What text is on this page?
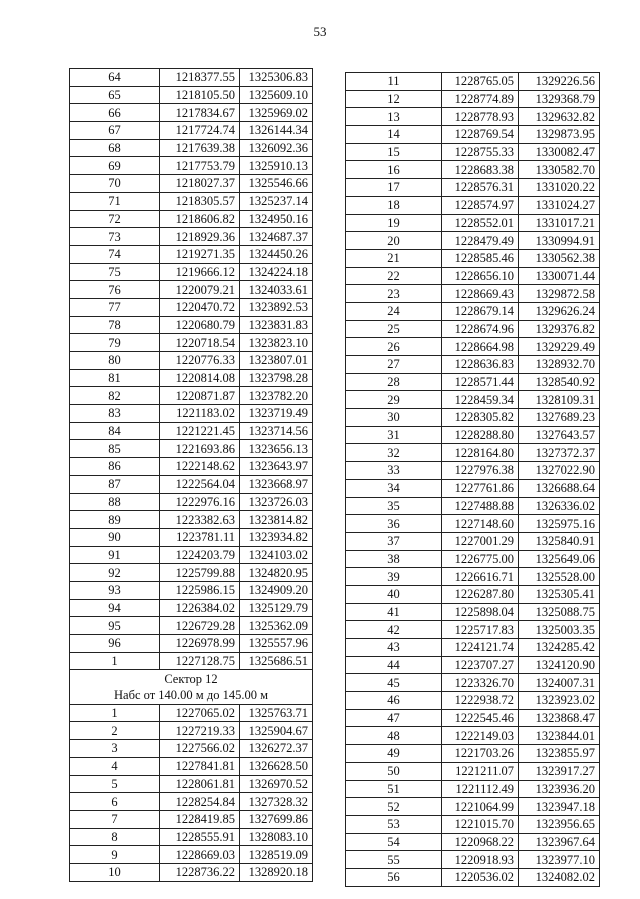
53
64	1218377.55	1325306.83
65	1218105.50	1325609.10
66	1217834.67	1325969.02
67	1217724.74	1326144.34
68	1217639.38	1326092.36
69	1217753.79	1325910.13
70	1218027.37	1325546.66
71	1218305.57	1325237.14
72	1218606.82	1324950.16
73	1218929.36	1324687.37
74	1219271.35	1324450.26
75	1219666.12	1324224.18
76	1220079.21	1324033.61
77	1220470.72	1323892.53
78	1220680.79	1323831.83
79	1220718.54	1323823.10
80	1220776.33	1323807.01
81	1220814.08	1323798.28
82	1220871.87	1323782.20
83	1221183.02	1323719.49
84	1221221.45	1323714.56
85	1221693.86	1323656.13
86	1222148.62	1323643.97
87	1222564.04	1323668.97
88	1222976.16	1323726.03
89	1223382.63	1323814.82
90	1223781.11	1323934.82
91	1224203.79	1324103.02
92	1225799.88	1324820.95
93	1225986.15	1324909.20
94	1226384.02	1325129.79
95	1226729.28	1325362.09
96	1226978.99	1325557.96
1	1227128.75	1325686.51
Сектор 12		
Набс от 140.00 м до 145.00 м		
1	1227065.02	1325763.71
2	1227219.33	1325904.67
3	1227566.02	1326272.37
4	1227841.81	1326628.50
5	1228061.81	1326970.52
6	1228254.84	1327328.32
7	1228419.85	1327699.86
8	1228555.91	1328083.10
9	1228669.03	1328519.09
10	1228736.22	1328920.18
11	1228765.05	1329226.56
12	1228774.89	1329368.79
13	1228778.93	1329632.82
14	1228769.54	1329873.95
15	1228755.33	1330082.47
16	1228683.38	1330582.70
17	1228576.31	1331020.22
18	1228574.97	1331024.27
19	1228552.01	1331017.21
20	1228479.49	1330994.91
21	1228585.46	1330562.38
22	1228656.10	1330071.44
23	1228669.43	1329872.58
24	1228679.14	1329626.24
25	1228674.96	1329376.82
26	1228664.98	1329229.49
27	1228636.83	1328932.70
28	1228571.44	1328540.92
29	1228459.34	1328109.31
30	1228305.82	1327689.23
31	1228288.80	1327643.57
32	1228164.80	1327372.37
33	1227976.38	1327022.90
34	1227761.86	1326688.64
35	1227488.88	1326336.02
36	1227148.60	1325975.16
37	1227001.29	1325840.91
38	1226775.00	1325649.06
39	1226616.71	1325528.00
40	1226287.80	1325305.41
41	1225898.04	1325088.75
42	1225717.83	1325003.35
43	1224121.74	1324285.42
44	1223707.27	1324120.90
45	1223326.70	1324007.31
46	1222938.72	1323923.02
47	1222545.46	1323868.47
48	1222149.03	1323844.01
49	1221703.26	1323855.97
50	1221211.07	1323917.27
51	1221112.49	1323936.20
52	1221064.99	1323947.18
53	1221015.70	1323956.65
54	1220968.22	1323967.64
55	1220918.93	1323977.10
56	1220536.02	1324082.02
